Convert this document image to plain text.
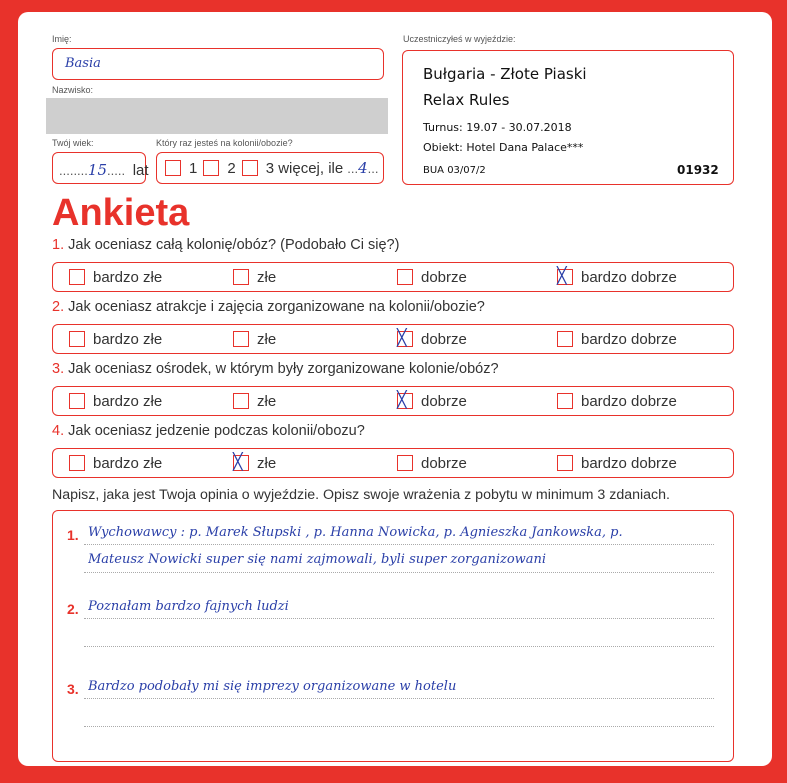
Imię:
Basia
Nazwisko:
Twój wiek:
........15..... lat
Który raz jesteś na kolonii/obozie?
1 2 3 więcej, ile ... 4 ...
Uczestniczyłeś w wyjeździe:
Bułgaria - Złote Piaski
Relax Rules
Turnus: 19.07 - 30.07.2018
Obiekt: Hotel Dana Palace***
BUA 03/07/2	01932
Ankieta
1. Jak oceniasz całą kolonię/obóz? (Podobało Ci się?)
bardzo złe	złe	dobrze ╳	bardzo dobrze
2. Jak oceniasz atrakcje i zajęcia zorganizowane na kolonii/obozie?
bardzo złe	złe ╳	dobrze	bardzo dobrze
3. Jak oceniasz ośrodek, w którym były zorganizowane kolonie/obóz?
bardzo złe	złe ╳	dobrze	bardzo dobrze
4. Jak oceniasz jedzenie podczas kolonii/obozu?
bardzo złe ╳	złe	dobrze	bardzo dobrze
Napisz, jaka jest Twoja opinia o wyjeździe. Opisz swoje wrażenia z pobytu w minimum 3 zdaniach.
1. Wychowawcy : p. Marek Słupski , p. Hanna Nowicka, p. Agnieszka Jankowska, p.
Mateusz Nowicki super się nami zajmowali, byli super zorganizowani
2. Poznałam bardzo fajnych ludzi
3. Bardzo podobały mi się imprezy organizowane w hotelu
